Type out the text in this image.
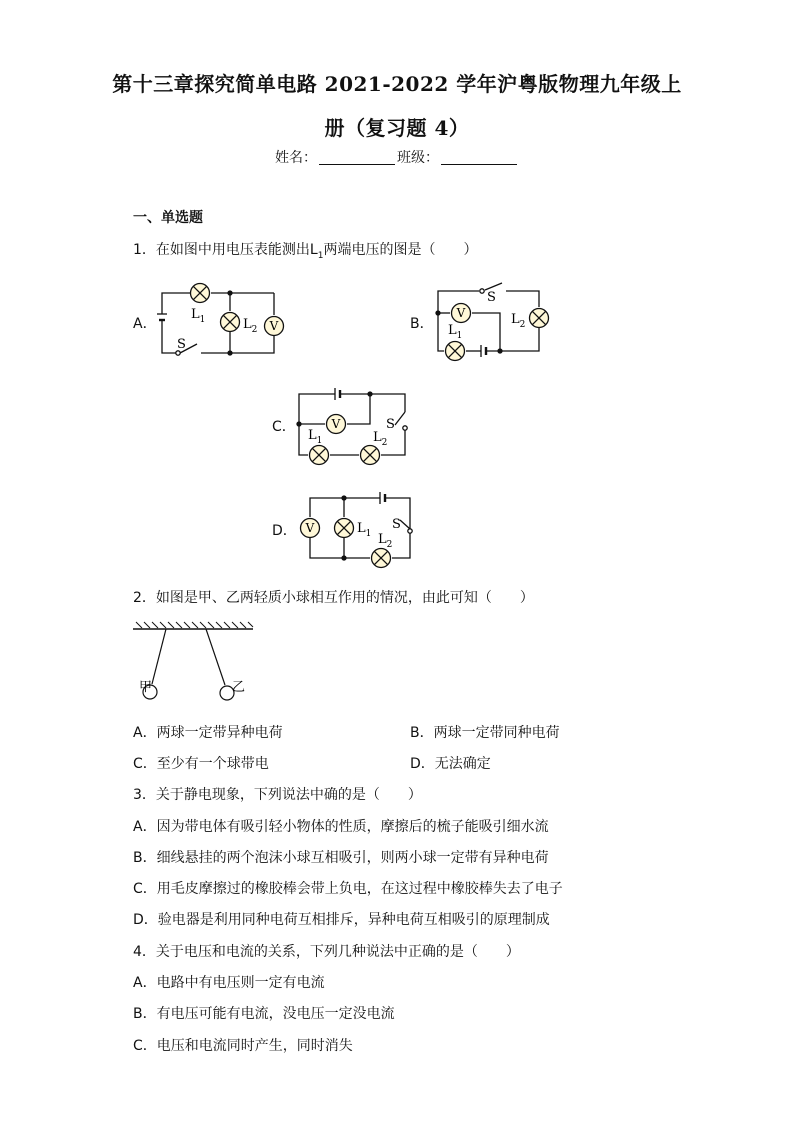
第十三章探究简单电路 2021-2022 学年沪粤版物理九年级上
册（复习题 4）
姓名：	班级：
一、单选题
1．在如图中用电压表能测出$L_1$两端电压的图是（　　）
A．	B．
C．
D．
V
$L_1$	$L_2$
S
V
$L_1$
$L_2$
S
V
$L_1$	$L_2$
S
V	$L_1$ $L_2$
S
甲	乙
2．如图是甲、乙两轻质小球相互作用的情况，由此可知（　　）
A．两球一定带异种电荷	B．两球一定带同种电荷
C．至少有一个球带电	D．无法确定
3．关于静电现象，下列说法中确的是（　　）
A．因为带电体有吸引轻小物体的性质，摩擦后的梳子能吸引细水流
B．细线悬挂的两个泡沫小球互相吸引，则两小球一定带有异种电荷
C．用毛皮摩擦过的橡胶棒会带上负电，在这过程中橡胶棒失去了电子
D．验电器是利用同种电荷互相排斥，异种电荷互相吸引的原理制成
4．关于电压和电流的关系，下列几种说法中正确的是（　　）
A．电路中有电压则一定有电流
B．有电压可能有电流，没电压一定没电流
C．电压和电流同时产生，同时消失
